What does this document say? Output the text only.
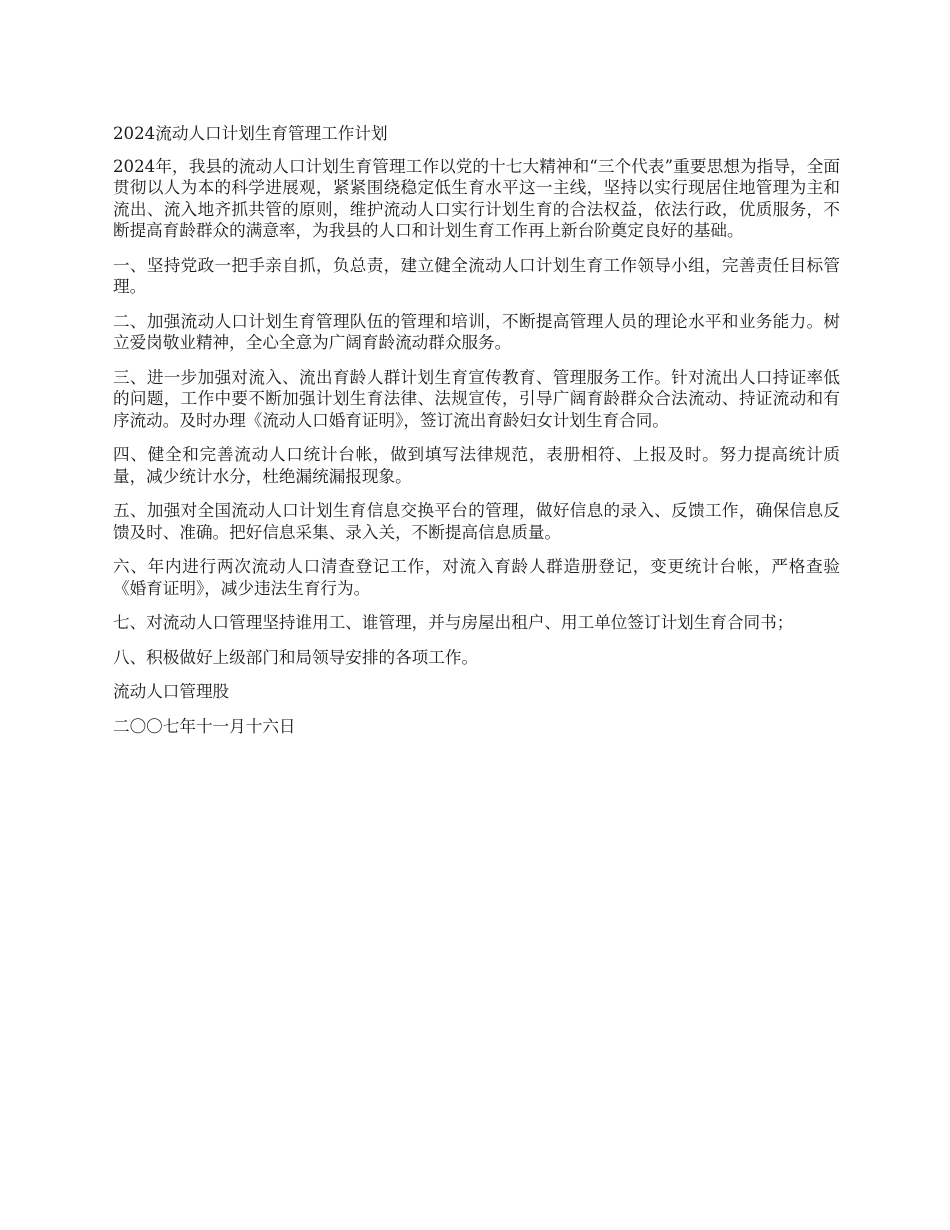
2024流动人口计划生育管理工作计划

2024年，我县的流动人口计划生育管理工作以党的十七大精神和“三个代表”重要思想为指导，全面贯彻以人为本的科学进展观，紧紧围绕稳定低生育水平这一主线，坚持以实行现居住地管理为主和流出、流入地齐抓共管的原则，维护流动人口实行计划生育的合法权益，依法行政，优质服务，不断提高育龄群众的满意率，为我县的人口和计划生育工作再上新台阶奠定良好的基础。

一、坚持党政一把手亲自抓，负总责，建立健全流动人口计划生育工作领导小组，完善责任目标管理。

二、加强流动人口计划生育管理队伍的管理和培训，不断提高管理人员的理论水平和业务能力。树立爱岗敬业精神，全心全意为广阔育龄流动群众服务。

三、进一步加强对流入、流出育龄人群计划生育宣传教育、管理服务工作。针对流出人口持证率低的问题，工作中要不断加强计划生育法律、法规宣传，引导广阔育龄群众合法流动、持证流动和有序流动。及时办理《流动人口婚育证明》，签订流出育龄妇女计划生育合同。

四、健全和完善流动人口统计台帐，做到填写法律规范，表册相符、上报及时。努力提高统计质量，减少统计水分，杜绝漏统漏报现象。

五、加强对全国流动人口计划生育信息交换平台的管理，做好信息的录入、反馈工作，确保信息反馈及时、准确。把好信息采集、录入关，不断提高信息质量。

六、年内进行两次流动人口清查登记工作，对流入育龄人群造册登记，变更统计台帐，严格查验《婚育证明》，减少违法生育行为。

七、对流动人口管理坚持谁用工、谁管理，并与房屋出租户、用工单位签订计划生育合同书；

八、积极做好上级部门和局领导安排的各项工作。

流动人口管理股

二〇〇七年十一月十六日
